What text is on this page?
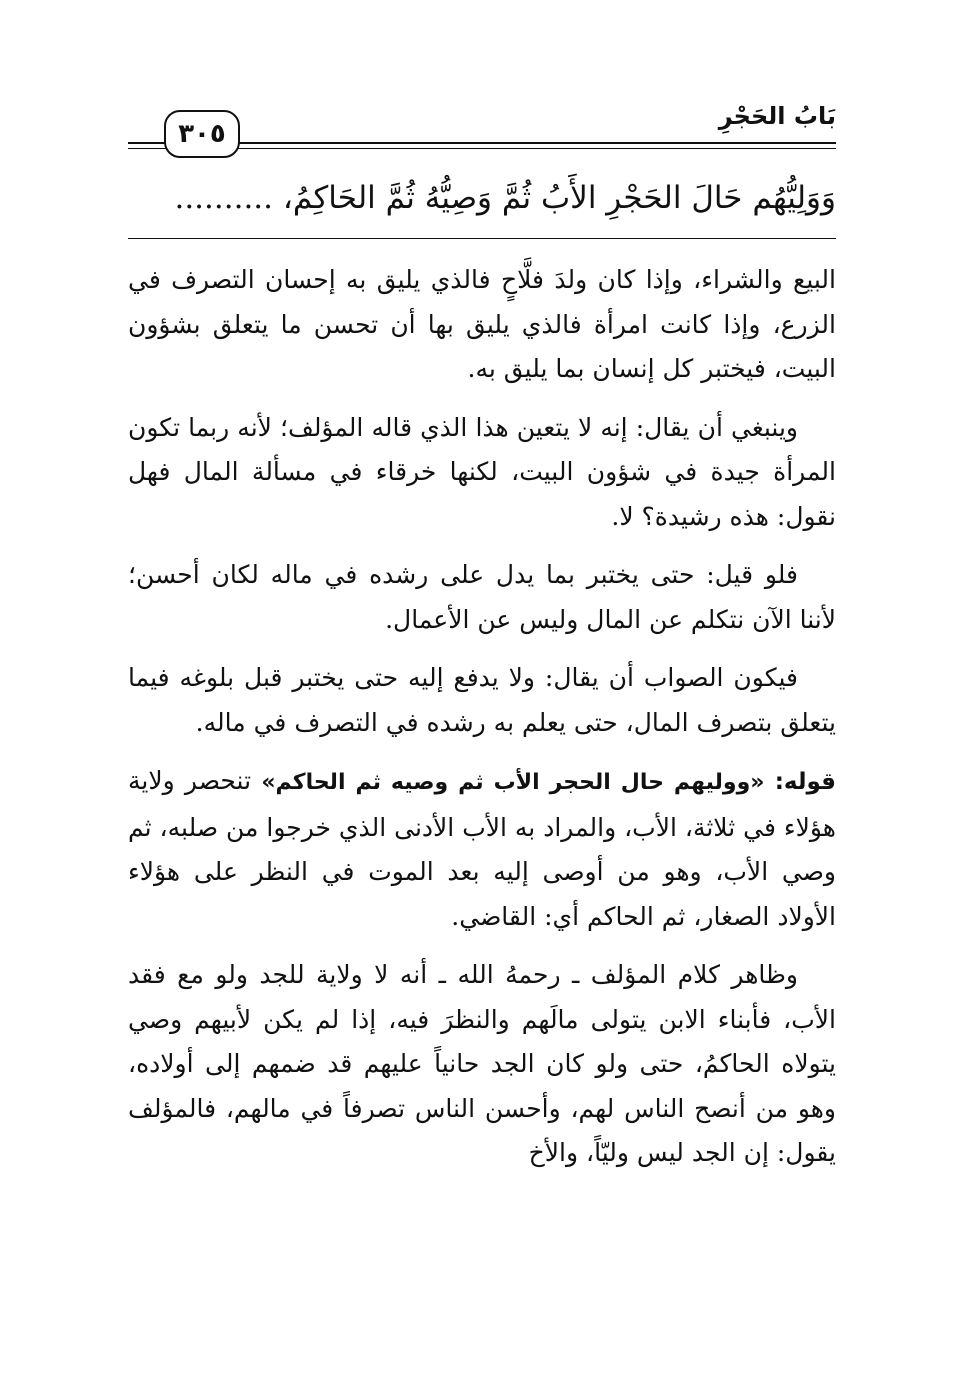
٣٠٥
بَابُ الحَجْرِ
وَوَلِيُّهُم حَالَ الحَجْرِ الأَبُ ثُمَّ وَصِيُّهُ ثُمَّ الحَاكِمُ، ..........

البيع والشراء، وإذا كان ولدَ فلَّاحٍ فالذي يليق به إحسان التصرف في الزرع، وإذا كانت امرأة فالذي يليق بها أن تحسن ما يتعلق بشؤون البيت، فيختبر كل إنسان بما يليق به.

وينبغي أن يقال: إنه لا يتعين هذا الذي قاله المؤلف؛ لأنه ربما تكون المرأة جيدة في شؤون البيت، لكنها خرقاء في مسألة المال فهل نقول: هذه رشيدة؟ لا.

فلو قيل: حتى يختبر بما يدل على رشده في ماله لكان أحسن؛ لأننا الآن نتكلم عن المال وليس عن الأعمال.

فيكون الصواب أن يقال: ولا يدفع إليه حتى يختبر قبل بلوغه فيما يتعلق بتصرف المال، حتى يعلم به رشده في التصرف في ماله.

قوله: «ووليهم حال الحجر الأب ثم وصيه ثم الحاكم» تنحصر ولاية هؤلاء في ثلاثة، الأب، والمراد به الأب الأدنى الذي خرجوا من صلبه، ثم وصي الأب، وهو من أوصى إليه بعد الموت في النظر على هؤلاء الأولاد الصغار، ثم الحاكم أي: القاضي.

وظاهر كلام المؤلف ـ رحمهُ الله ـ أنه لا ولاية للجد ولو مع فقد الأب، فأبناء الابن يتولى مالَهم والنظرَ فيه، إذا لم يكن لأبيهم وصي يتولاه الحاكمُ، حتى ولو كان الجد حانياً عليهم قد ضمهم إلى أولاده، وهو من أنصح الناس لهم، وأحسن الناس تصرفاً في مالهم، فالمؤلف يقول: إن الجد ليس وليّاً، والأخ
